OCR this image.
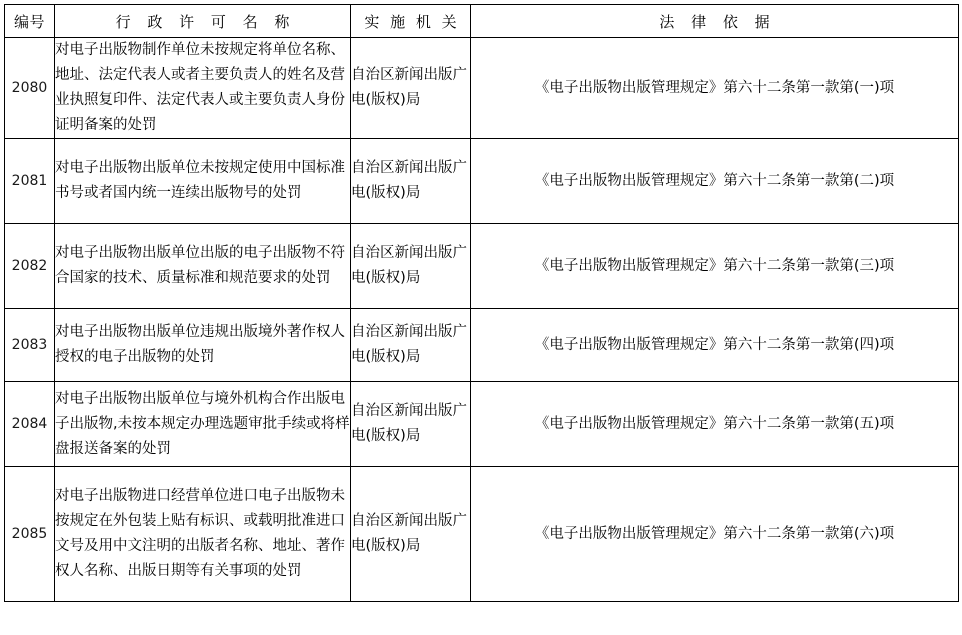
编号	行 政 许 可 名 称	实 施 机 关	法 律 依 据
2080	对电子出版物制作单位未按规定将单位名称、地址、法定代表人或者主要负责人的姓名及营业执照复印件、法定代表人或主要负责人身份证明备案的处罚	自治区新闻出版广电(版权)局	《电子出版物出版管理规定》第六十二条第一款第(一)项
2081	对电子出版物出版单位未按规定使用中国标准书号或者国内统一连续出版物号的处罚	自治区新闻出版广电(版权)局	《电子出版物出版管理规定》第六十二条第一款第(二)项
2082	对电子出版物出版单位出版的电子出版物不符合国家的技术、质量标准和规范要求的处罚	自治区新闻出版广电(版权)局	《电子出版物出版管理规定》第六十二条第一款第(三)项
2083	对电子出版物出版单位违规出版境外著作权人授权的电子出版物的处罚	自治区新闻出版广电(版权)局	《电子出版物出版管理规定》第六十二条第一款第(四)项
2084	对电子出版物出版单位与境外机构合作出版电子出版物,未按本规定办理选题审批手续或将样盘报送备案的处罚	自治区新闻出版广电(版权)局	《电子出版物出版管理规定》第六十二条第一款第(五)项
2085	对电子出版物进口经营单位进口电子出版物未按规定在外包装上贴有标识、或载明批准进口文号及用中文注明的出版者名称、地址、著作权人名称、出版日期等有关事项的处罚	自治区新闻出版广电(版权)局	《电子出版物出版管理规定》第六十二条第一款第(六)项
